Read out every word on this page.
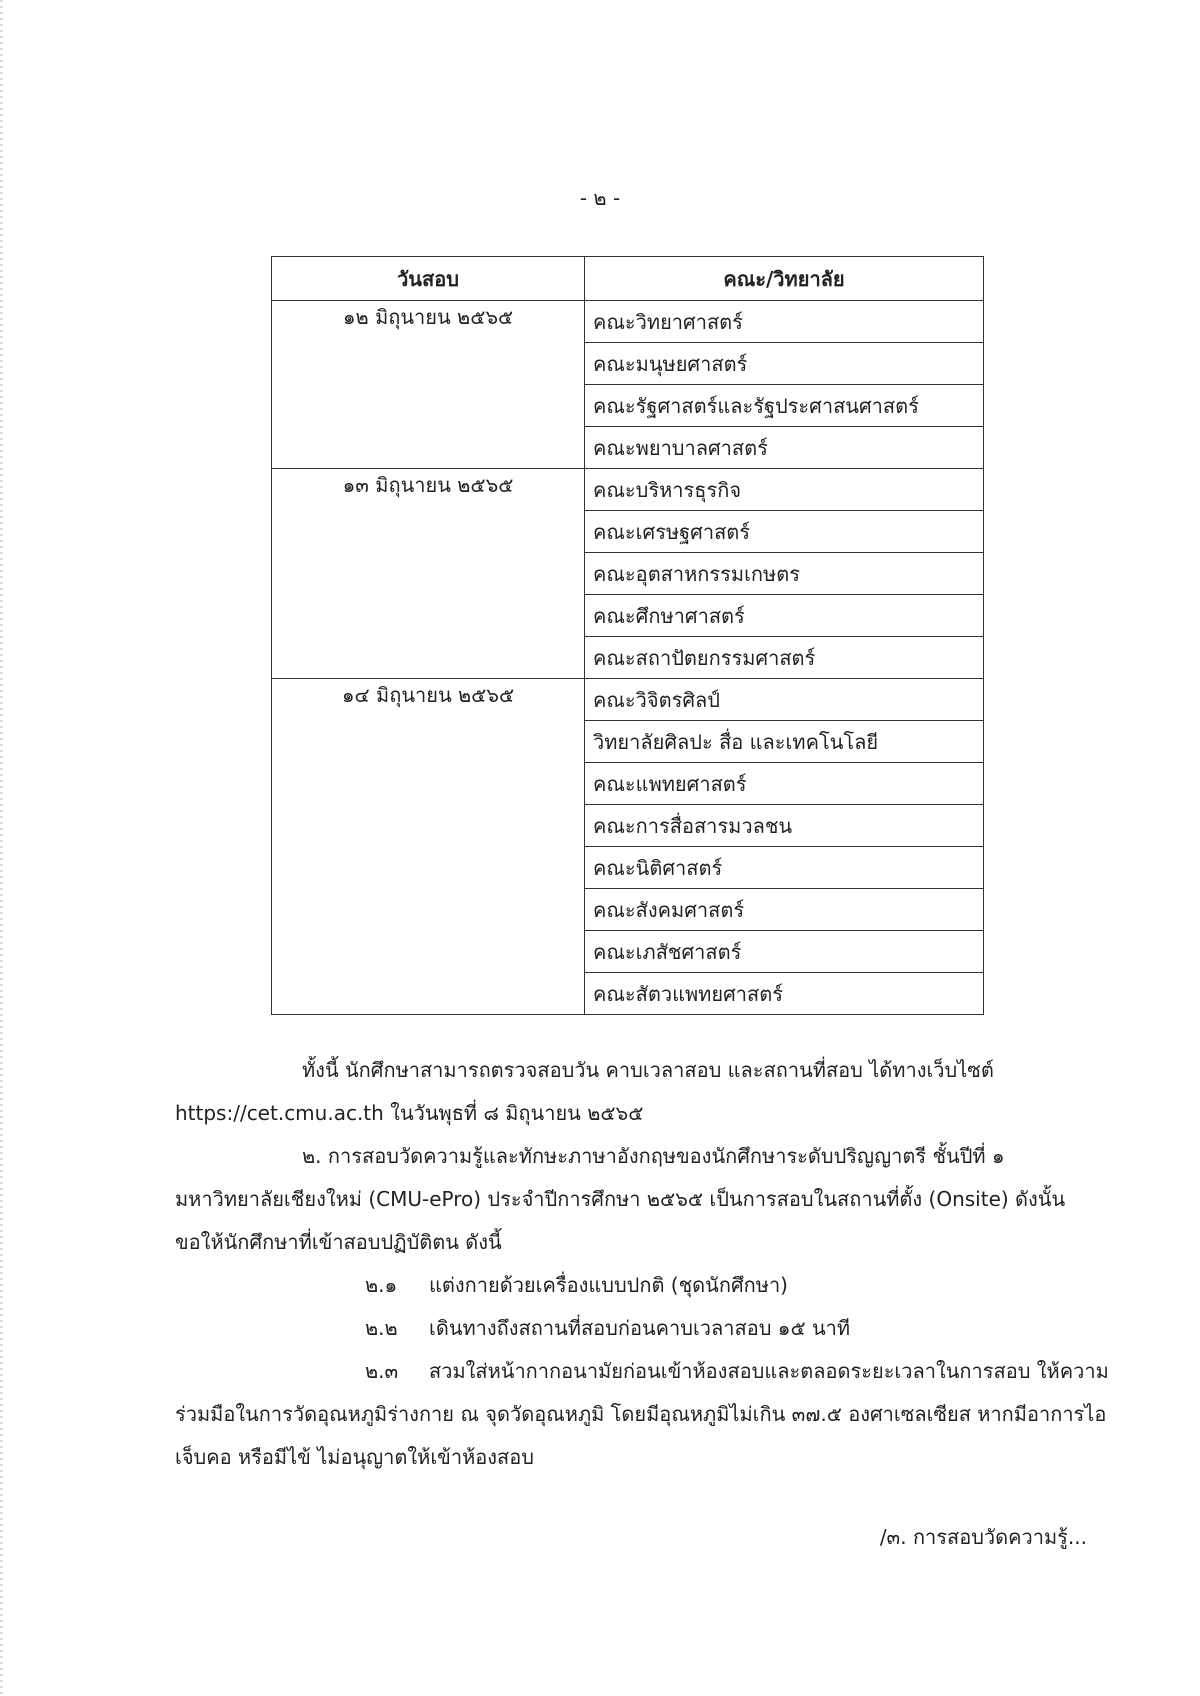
- ๒ -
วันสอบ	คณะ/วิทยาลัย
๑๒ มิถุนายน ๒๕๖๕	คณะวิทยาศาสตร์
	คณะมนุษยศาสตร์
	คณะรัฐศาสตร์และรัฐประศาสนศาสตร์
	คณะพยาบาลศาสตร์
๑๓ มิถุนายน ๒๕๖๕	คณะบริหารธุรกิจ
	คณะเศรษฐศาสตร์
	คณะอุตสาหกรรมเกษตร
	คณะศึกษาศาสตร์
	คณะสถาปัตยกรรมศาสตร์
๑๔ มิถุนายน ๒๕๖๕	คณะวิจิตรศิลป์
	วิทยาลัยศิลปะ สื่อ และเทคโนโลยี
	คณะแพทยศาสตร์
	คณะการสื่อสารมวลชน
	คณะนิติศาสตร์
	คณะสังคมศาสตร์
	คณะเภสัชศาสตร์
	คณะสัตวแพทยศาสตร์
ทั้งนี้ นักศึกษาสามารถตรวจสอบวัน คาบเวลาสอบ และสถานที่สอบ ได้ทางเว็บไซต์
https://cet.cmu.ac.th ในวันพุธที่ ๘ มิถุนายน ๒๕๖๕
๒. การสอบวัดความรู้และทักษะภาษาอังกฤษของนักศึกษาระดับปริญญาตรี ชั้นปีที่ ๑
มหาวิทยาลัยเชียงใหม่ (CMU-ePro) ประจำปีการศึกษา ๒๕๖๕ เป็นการสอบในสถานที่ตั้ง (Onsite) ดังนั้น
ขอให้นักศึกษาที่เข้าสอบปฏิบัติตน ดังนี้
๒.๑ แต่งกายด้วยเครื่องแบบปกติ (ชุดนักศึกษา)
๒.๒ เดินทางถึงสถานที่สอบก่อนคาบเวลาสอบ ๑๕ นาที
๒.๓ สวมใส่หน้ากากอนามัยก่อนเข้าห้องสอบและตลอดระยะเวลาในการสอบ ให้ความ
ร่วมมือในการวัดอุณหภูมิร่างกาย ณ จุดวัดอุณหภูมิ โดยมีอุณหภูมิไม่เกิน ๓๗.๕ องศาเซลเซียส หากมีอาการไอ
เจ็บคอ หรือมีไข้ ไม่อนุญาตให้เข้าห้องสอบ
/๓. การสอบวัดความรู้...
